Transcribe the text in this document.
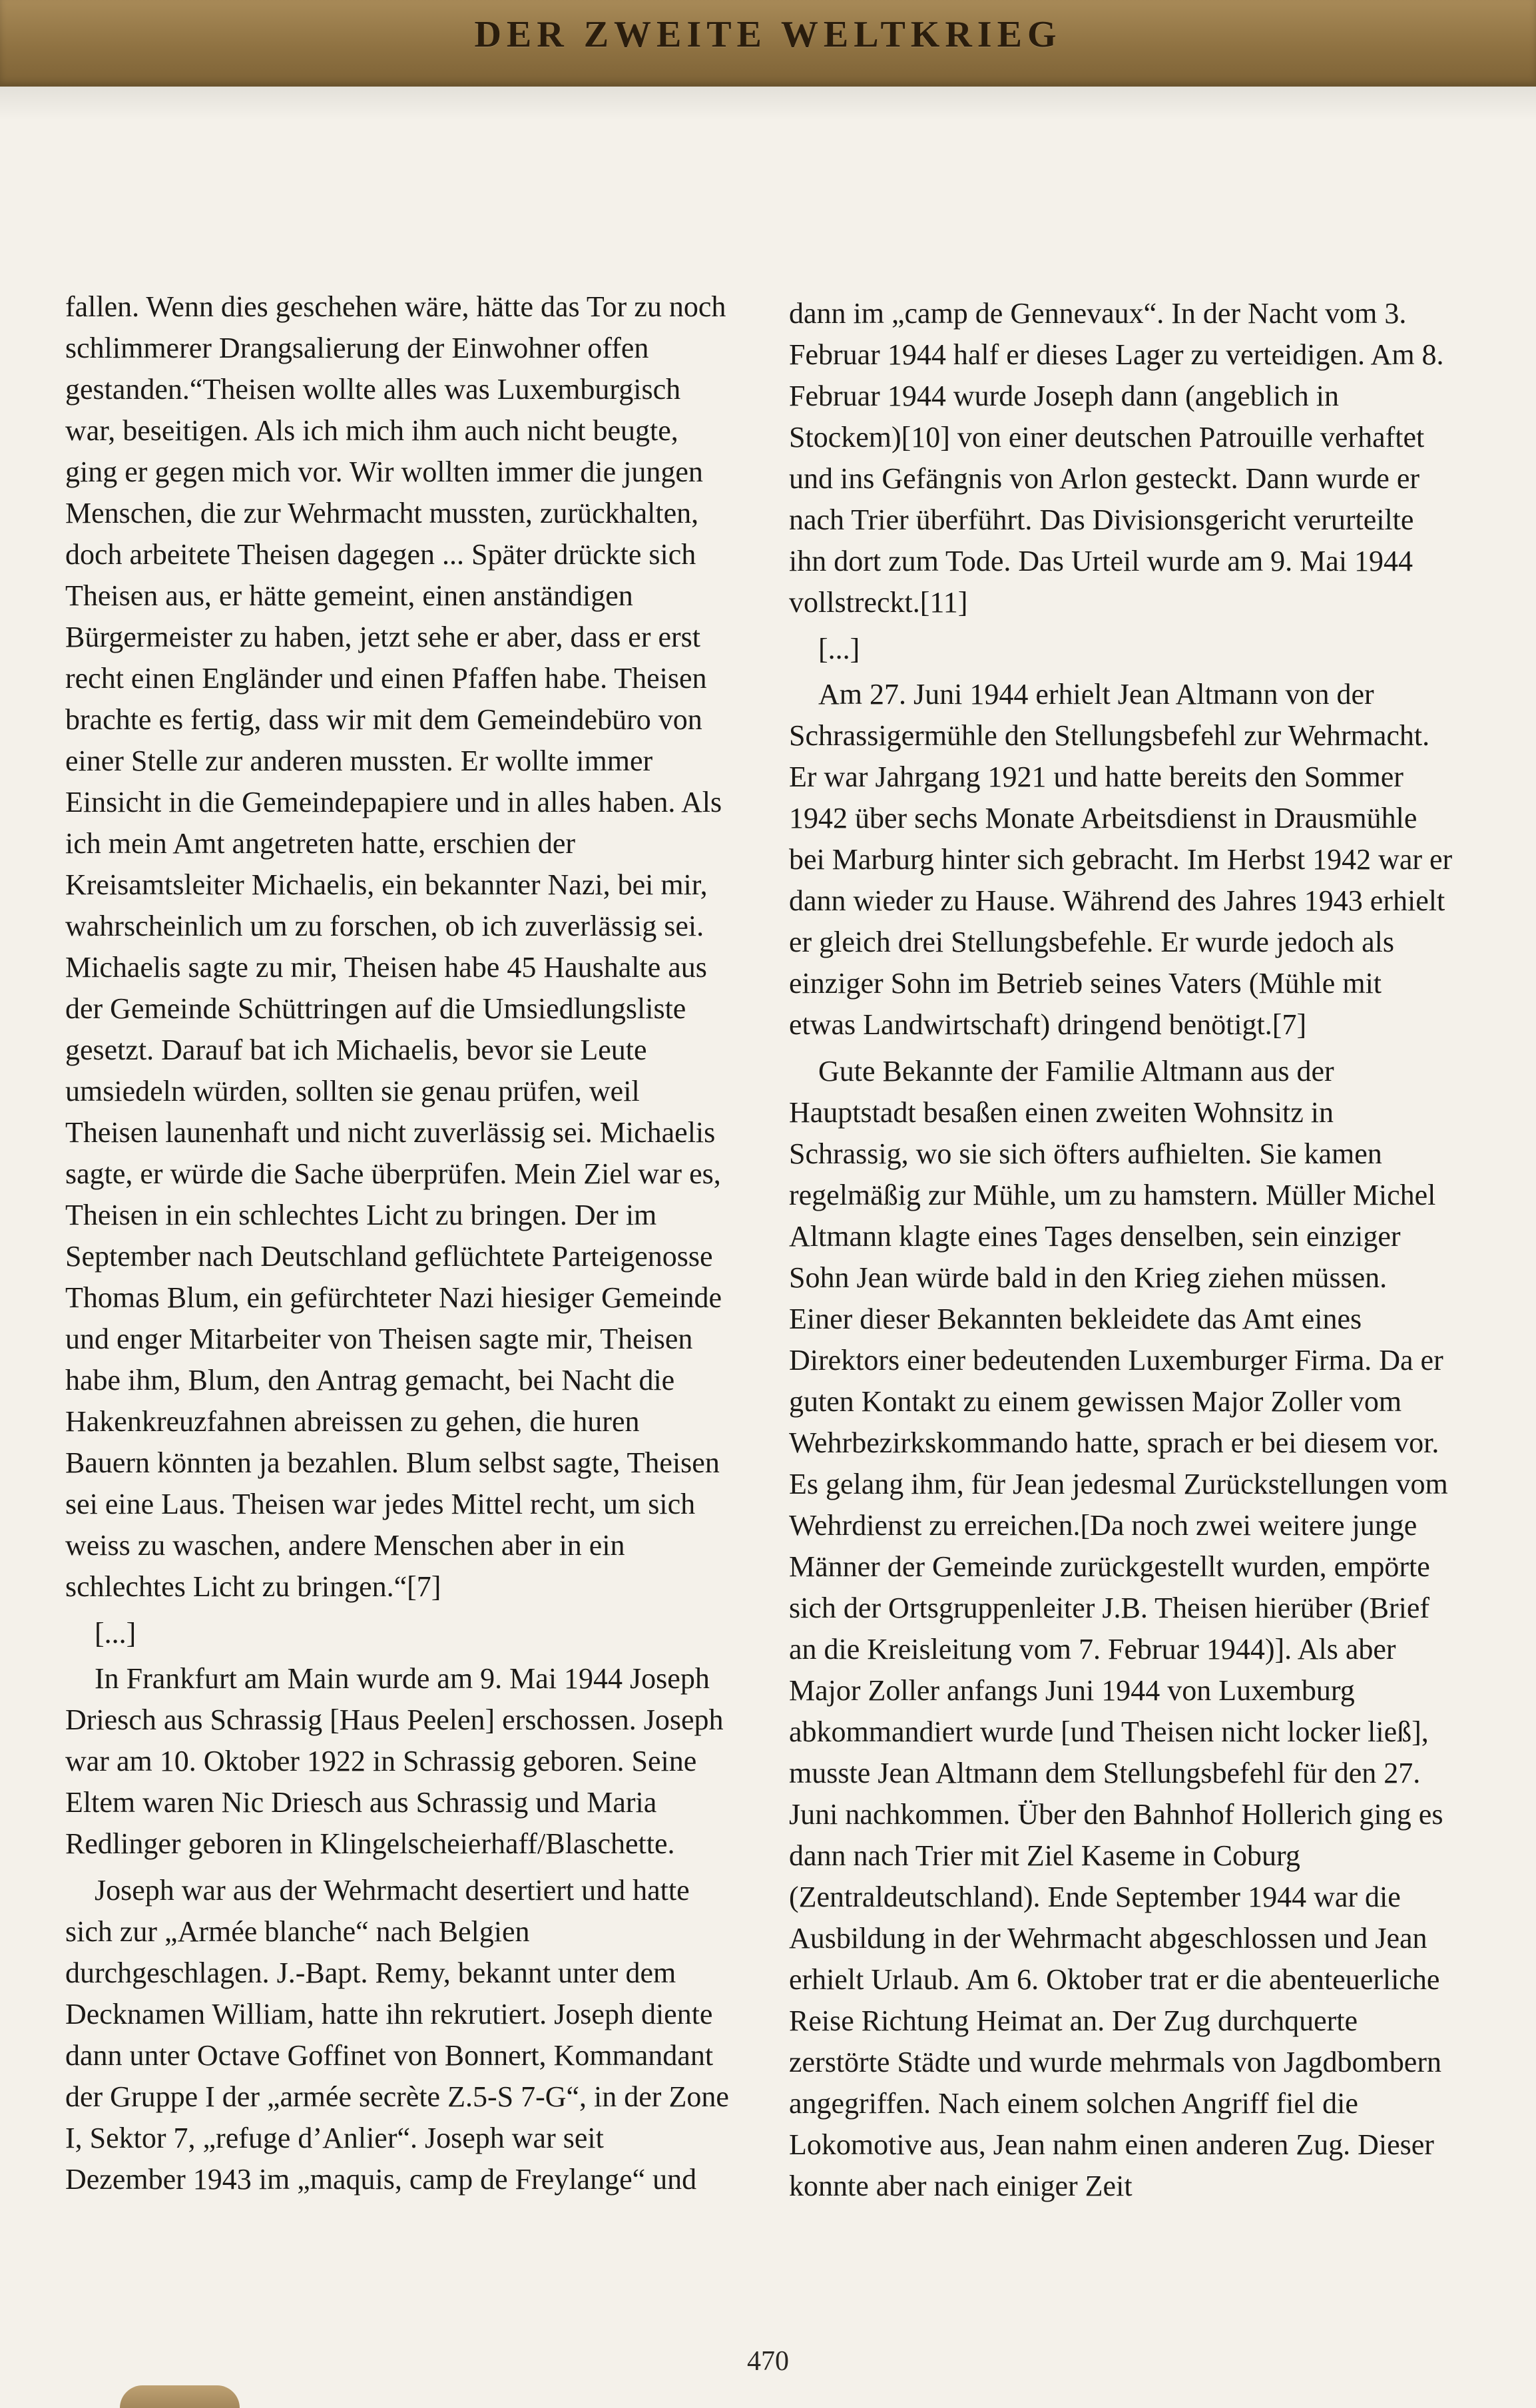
DER ZWEITE WELTKRIEG

fallen. Wenn dies geschehen wäre, hätte das Tor zu noch schlimmerer Drangsalierung der Einwohner offen gestanden.“Theisen wollte alles was Luxemburgisch war, beseitigen. Als ich mich ihm auch nicht beugte, ging er gegen mich vor. Wir wollten immer die jungen Menschen, die zur Wehrmacht mussten, zurückhalten, doch arbeitete Theisen dagegen ... Später drückte sich Theisen aus, er hätte gemeint, einen anständigen Bürgermeister zu haben, jetzt sehe er aber, dass er erst recht einen Engländer und einen Pfaffen habe. Theisen brachte es fertig, dass wir mit dem Gemeindebüro von einer Stelle zur anderen mussten. Er wollte immer Einsicht in die Gemeindepapiere und in alles haben. Als ich mein Amt angetreten hatte, erschien der Kreisamtsleiter Michaelis, ein bekannter Nazi, bei mir, wahrscheinlich um zu forschen, ob ich zuverlässig sei. Michaelis sagte zu mir, Theisen habe 45 Haushalte aus der Gemeinde Schüttringen auf die Umsiedlungsliste gesetzt. Darauf bat ich Michaelis, bevor sie Leute umsiedeln würden, sollten sie genau prüfen, weil Theisen launenhaft und nicht zuverlässig sei. Michaelis sagte, er würde die Sache überprüfen. Mein Ziel war es, Theisen in ein schlechtes Licht zu bringen. Der im September nach Deutschland geflüchtete Parteigenosse Thomas Blum, ein gefürchteter Nazi hiesiger Gemeinde und enger Mitarbeiter von Theisen sagte mir, Theisen habe ihm, Blum, den Antrag gemacht, bei Nacht die Hakenkreuzfahnen abreissen zu gehen, die huren Bauern könnten ja bezahlen. Blum selbst sagte, Theisen sei eine Laus. Theisen war jedes Mittel recht, um sich weiss zu waschen, andere Menschen aber in ein schlechtes Licht zu bringen.“[7]

[...]

In Frankfurt am Main wurde am 9. Mai 1944 Joseph Driesch aus Schrassig [Haus Peelen] erschossen. Joseph war am 10. Oktober 1922 in Schrassig geboren. Seine Eltem waren Nic Driesch aus Schrassig und Maria Redlinger geboren in Klingelscheierhaff/Blaschette.

Joseph war aus der Wehrmacht desertiert und hatte sich zur „Armée blanche“ nach Belgien durchgeschlagen. J.-Bapt. Remy, bekannt unter dem Decknamen William, hatte ihn rekrutiert. Joseph diente dann unter Octave Goffinet von Bonnert, Kommandant der Gruppe I der „armée secrète Z.5-S 7-G“, in der Zone I, Sektor 7, „refuge d’Anlier“. Joseph war seit Dezember 1943 im „maquis, camp de Freylange“ und

dann im „camp de Gennevaux“. In der Nacht vom 3. Februar 1944 half er dieses Lager zu verteidigen. Am 8. Februar 1944 wurde Joseph dann (angeblich in Stockem)[10] von einer deutschen Patrouille verhaftet und ins Gefängnis von Arlon gesteckt. Dann wurde er nach Trier überführt. Das Divisionsgericht verurteilte ihn dort zum Tode. Das Urteil wurde am 9. Mai 1944 vollstreckt.[11]

[...]

Am 27. Juni 1944 erhielt Jean Altmann von der Schrassigermühle den Stellungsbefehl zur Wehrmacht. Er war Jahrgang 1921 und hatte bereits den Sommer 1942 über sechs Monate Arbeitsdienst in Drausmühle bei Marburg hinter sich gebracht. Im Herbst 1942 war er dann wieder zu Hause. Während des Jahres 1943 erhielt er gleich drei Stellungsbefehle. Er wurde jedoch als einziger Sohn im Betrieb seines Vaters (Mühle mit etwas Landwirtschaft) dringend benötigt.[7]

Gute Bekannte der Familie Altmann aus der Hauptstadt besaßen einen zweiten Wohnsitz in Schrassig, wo sie sich öfters aufhielten. Sie kamen regelmäßig zur Mühle, um zu hamstern. Müller Michel Altmann klagte eines Tages denselben, sein einziger Sohn Jean würde bald in den Krieg ziehen müssen. Einer dieser Bekannten bekleidete das Amt eines Direktors einer bedeutenden Luxemburger Firma. Da er guten Kontakt zu einem gewissen Major Zoller vom Wehrbezirkskommando hatte, sprach er bei diesem vor. Es gelang ihm, für Jean jedesmal Zurückstellungen vom Wehrdienst zu erreichen.[Da noch zwei weitere junge Männer der Gemeinde zurückgestellt wurden, empörte sich der Ortsgruppenleiter J.B. Theisen hierüber (Brief an die Kreisleitung vom 7. Februar 1944)]. Als aber Major Zoller anfangs Juni 1944 von Luxemburg abkommandiert wurde [und Theisen nicht locker ließ], musste Jean Altmann dem Stellungsbefehl für den 27. Juni nachkommen. Über den Bahnhof Hollerich ging es dann nach Trier mit Ziel Kaseme in Coburg (Zentraldeutschland). Ende September 1944 war die Ausbildung in der Wehrmacht abgeschlossen und Jean erhielt Urlaub. Am 6. Oktober trat er die abenteuerliche Reise Richtung Heimat an. Der Zug durchquerte zerstörte Städte und wurde mehrmals von Jagdbombern angegriffen. Nach einem solchen Angriff fiel die Lokomotive aus, Jean nahm einen anderen Zug. Dieser konnte aber nach einiger Zeit

470
